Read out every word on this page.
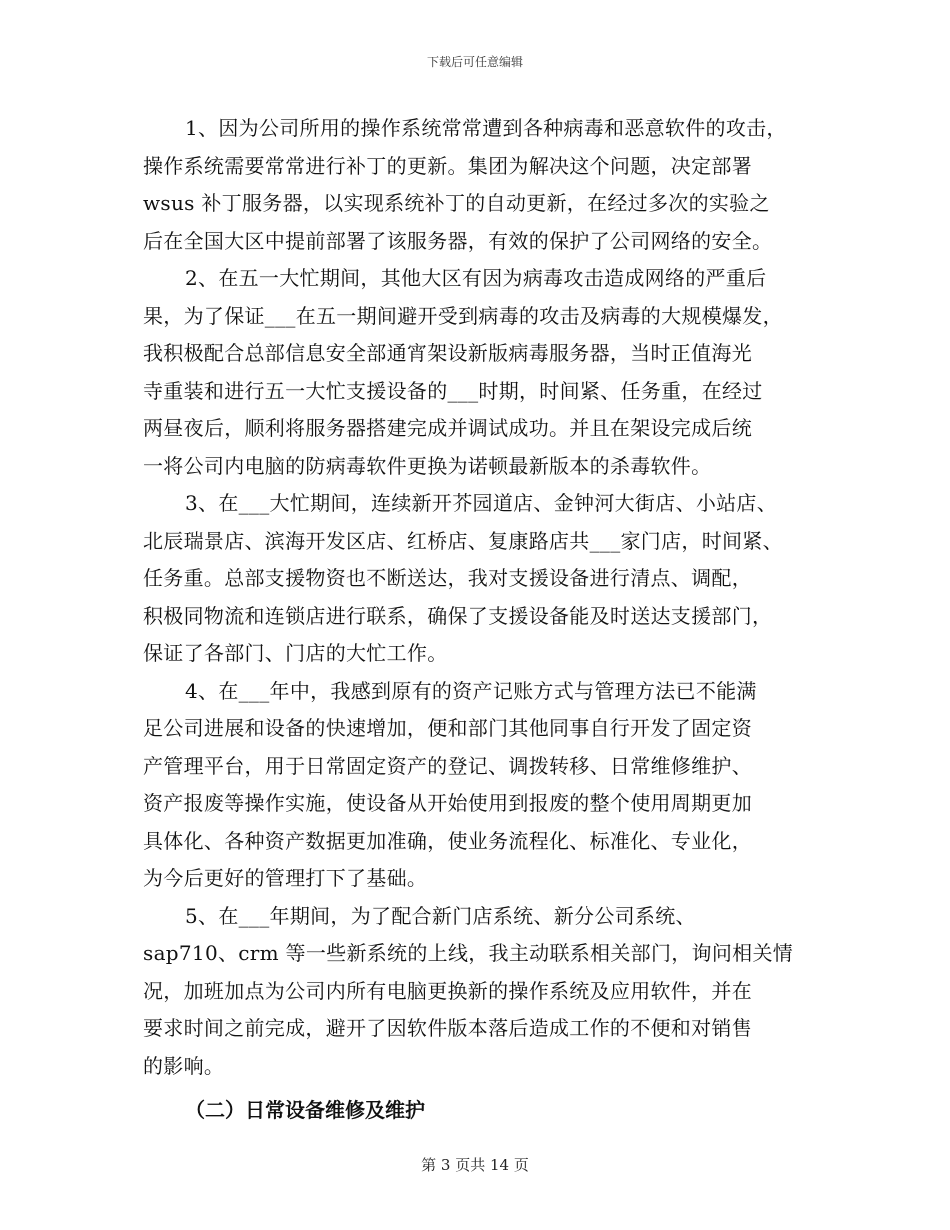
下载后可任意编辑
1、因为公司所用的操作系统常常遭到各种病毒和恶意软件的攻击，
操作系统需要常常进行补丁的更新。集团为解决这个问题，决定部署
wsus 补丁服务器，以实现系统补丁的自动更新，在经过多次的实验之
后在全国大区中提前部署了该服务器，有效的保护了公司网络的安全。
2、在五一大忙期间，其他大区有因为病毒攻击造成网络的严重后
果，为了保证___在五一期间避开受到病毒的攻击及病毒的大规模爆发，
我积极配合总部信息安全部通宵架设新版病毒服务器，当时正值海光
寺重装和进行五一大忙支援设备的___时期，时间紧、任务重，在经过
两昼夜后，顺利将服务器搭建完成并调试成功。并且在架设完成后统
一将公司内电脑的防病毒软件更换为诺顿最新版本的杀毒软件。
3、在___大忙期间，连续新开芥园道店、金钟河大街店、小站店、
北辰瑞景店、滨海开发区店、红桥店、复康路店共___家门店，时间紧、
任务重。总部支援物资也不断送达，我对支援设备进行清点、调配，
积极同物流和连锁店进行联系，确保了支援设备能及时送达支援部门，
保证了各部门、门店的大忙工作。
4、在___年中，我感到原有的资产记账方式与管理方法已不能满
足公司进展和设备的快速增加，便和部门其他同事自行开发了固定资
产管理平台，用于日常固定资产的登记、调拨转移、日常维修维护、
资产报废等操作实施，使设备从开始使用到报废的整个使用周期更加
具体化、各种资产数据更加准确，使业务流程化、标准化、专业化，
为今后更好的管理打下了基础。
5、在___年期间，为了配合新门店系统、新分公司系统、
sap710、crm 等一些新系统的上线，我主动联系相关部门，询问相关情
况，加班加点为公司内所有电脑更换新的操作系统及应用软件，并在
要求时间之前完成，避开了因软件版本落后造成工作的不便和对销售
的影响。
（二）日常设备维修及维护
第 3 页共 14 页
